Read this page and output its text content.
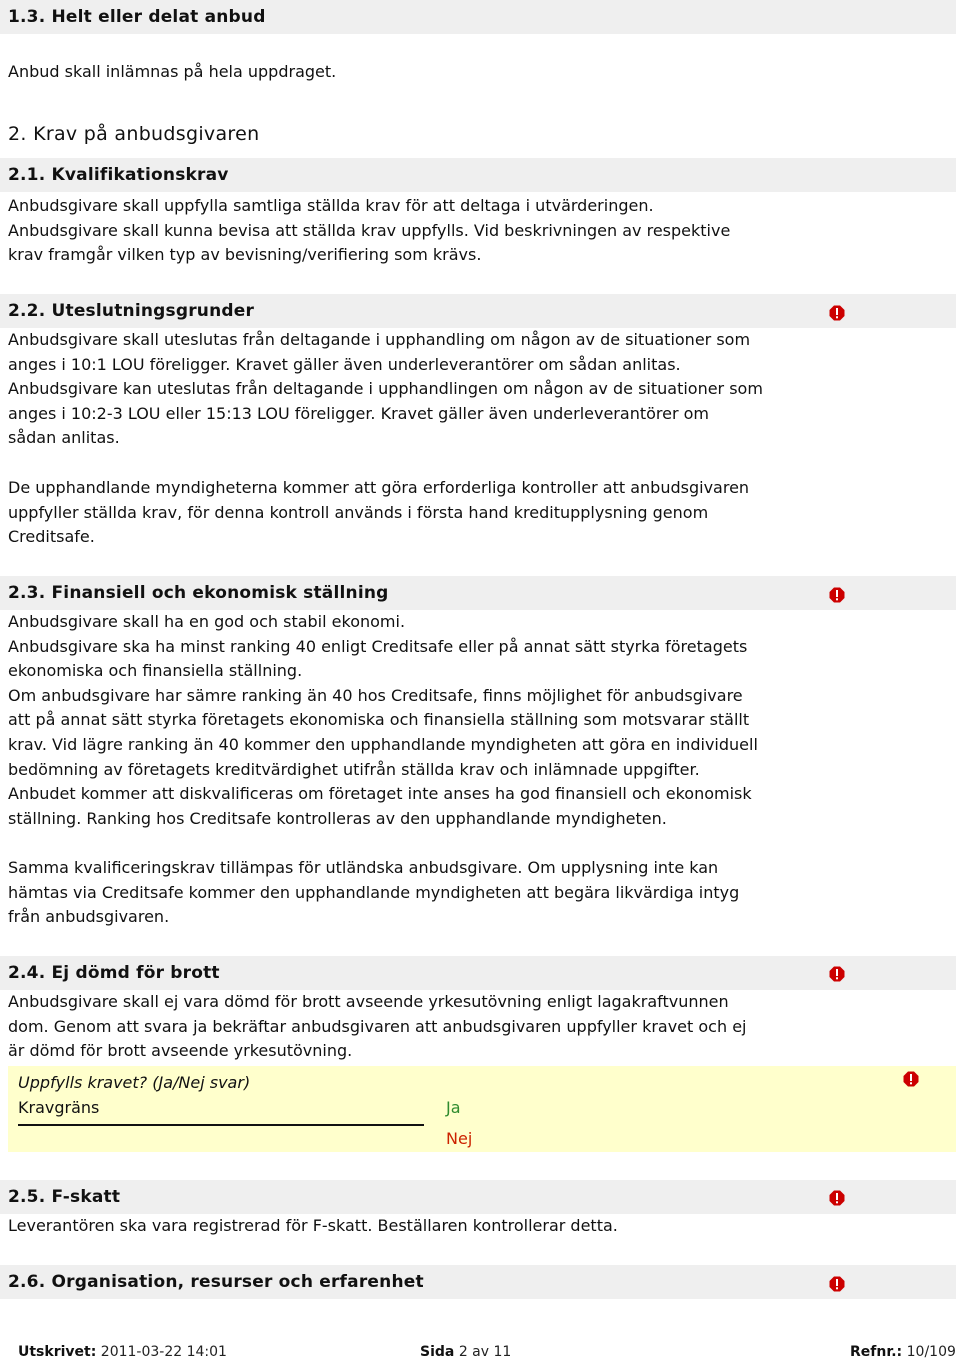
1.3. Helt eller delat anbud
Anbud skall inlämnas på hela uppdraget.
2. Krav på anbudsgivaren
2.1. Kvalifikationskrav
Anbudsgivare skall uppfylla samtliga ställda krav för att deltaga i utvärderingen.
Anbudsgivare skall kunna bevisa att ställda krav uppfylls. Vid beskrivningen av respektive
krav framgår vilken typ av bevisning/verifiering som krävs.
2.2. Uteslutningsgrunder
Anbudsgivare skall uteslutas från deltagande i upphandling om någon av de situationer som
anges i 10:1 LOU föreligger. Kravet gäller även underleverantörer om sådan anlitas.
Anbudsgivare kan uteslutas från deltagande i upphandlingen om någon av de situationer som
anges i 10:2-3 LOU eller 15:13 LOU föreligger. Kravet gäller även underleverantörer om
sådan anlitas.
De upphandlande myndigheterna kommer att göra erforderliga kontroller att anbudsgivaren
uppfyller ställda krav, för denna kontroll används i första hand kreditupplysning genom
Creditsafe.
2.3. Finansiell och ekonomisk ställning
Anbudsgivare skall ha en god och stabil ekonomi.
Anbudsgivare ska ha minst ranking 40 enligt Creditsafe eller på annat sätt styrka företagets
ekonomiska och finansiella ställning.
Om anbudsgivare har sämre ranking än 40 hos Creditsafe, finns möjlighet för anbudsgivare
att på annat sätt styrka företagets ekonomiska och finansiella ställning som motsvarar ställt
krav. Vid lägre ranking än 40 kommer den upphandlande myndigheten att göra en individuell
bedömning av företagets kreditvärdighet utifrån ställda krav och inlämnade uppgifter.
Anbudet kommer att diskvalificeras om företaget inte anses ha god finansiell och ekonomisk
ställning. Ranking hos Creditsafe kontrolleras av den upphandlande myndigheten.
Samma kvalificeringskrav tillämpas för utländska anbudsgivare. Om upplysning inte kan
hämtas via Creditsafe kommer den upphandlande myndigheten att begära likvärdiga intyg
från anbudsgivaren.
2.4. Ej dömd för brott
Anbudsgivare skall ej vara dömd för brott avseende yrkesutövning enligt lagakraftvunnen
dom. Genom att svara ja bekräftar anbudsgivaren att anbudsgivaren uppfyller kravet och ej
är dömd för brott avseende yrkesutövning.
Uppfylls kravet? (Ja/Nej svar)
Kravgräns	Ja
Nej
2.5. F-skatt
Leverantören ska vara registrerad för F-skatt. Beställaren kontrollerar detta.
2.6. Organisation, resurser och erfarenhet
Utskrivet: 2011-03-22 14:01	Sida 2 av 11	Refnr.: 10/109
